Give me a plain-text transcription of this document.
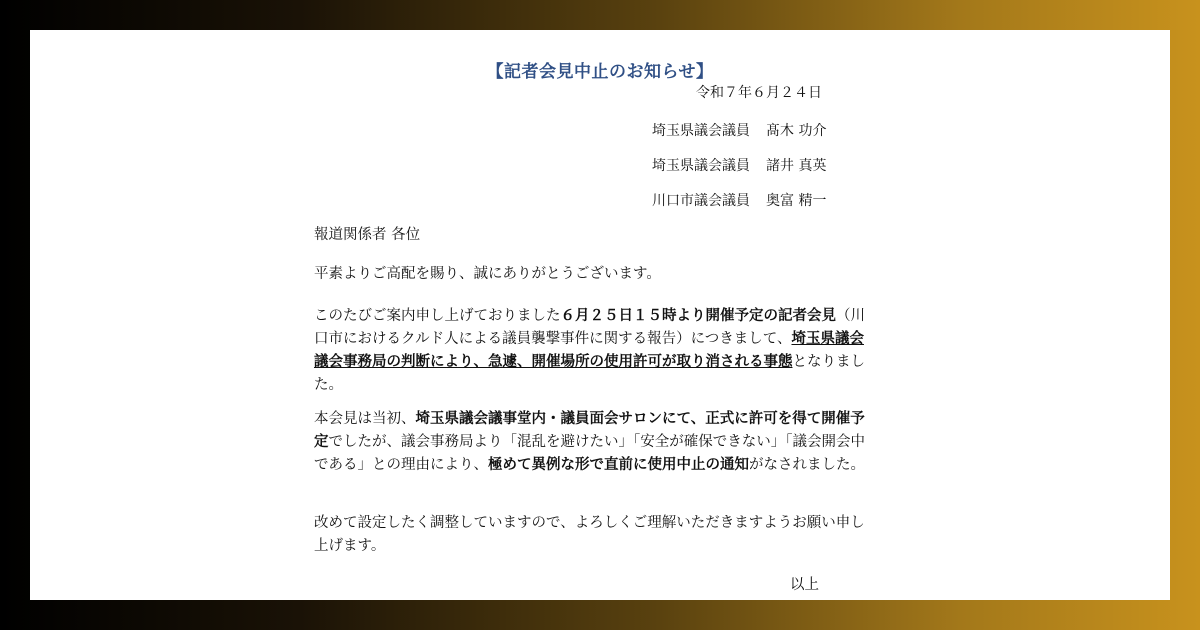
【記者会見中止のお知らせ】
令和７年６月２４日
埼玉県議会議員 髙木 功介
埼玉県議会議員 諸井 真英
川口市議会議員 奥富 精一
報道関係者 各位
平素よりご高配を賜り、誠にありがとうございます。
このたびご案内申し上げておりました６月２５日１５時より開催予定の記者会見（川口市におけるクルド人による議員襲撃事件に関する報告）につきまして、埼玉県議会議会事務局の判断により、急遽、開催場所の使用許可が取り消される事態となりました。
本会見は当初、埼玉県議会議事堂内・議員面会サロンにて、正式に許可を得て開催予定でしたが、議会事務局より「混乱を避けたい」「安全が確保できない」「議会開会中である」との理由により、極めて異例な形で直前に使用中止の通知がなされました。
改めて設定したく調整していますので、よろしくご理解いただきますようお願い申し上げます。
以上
